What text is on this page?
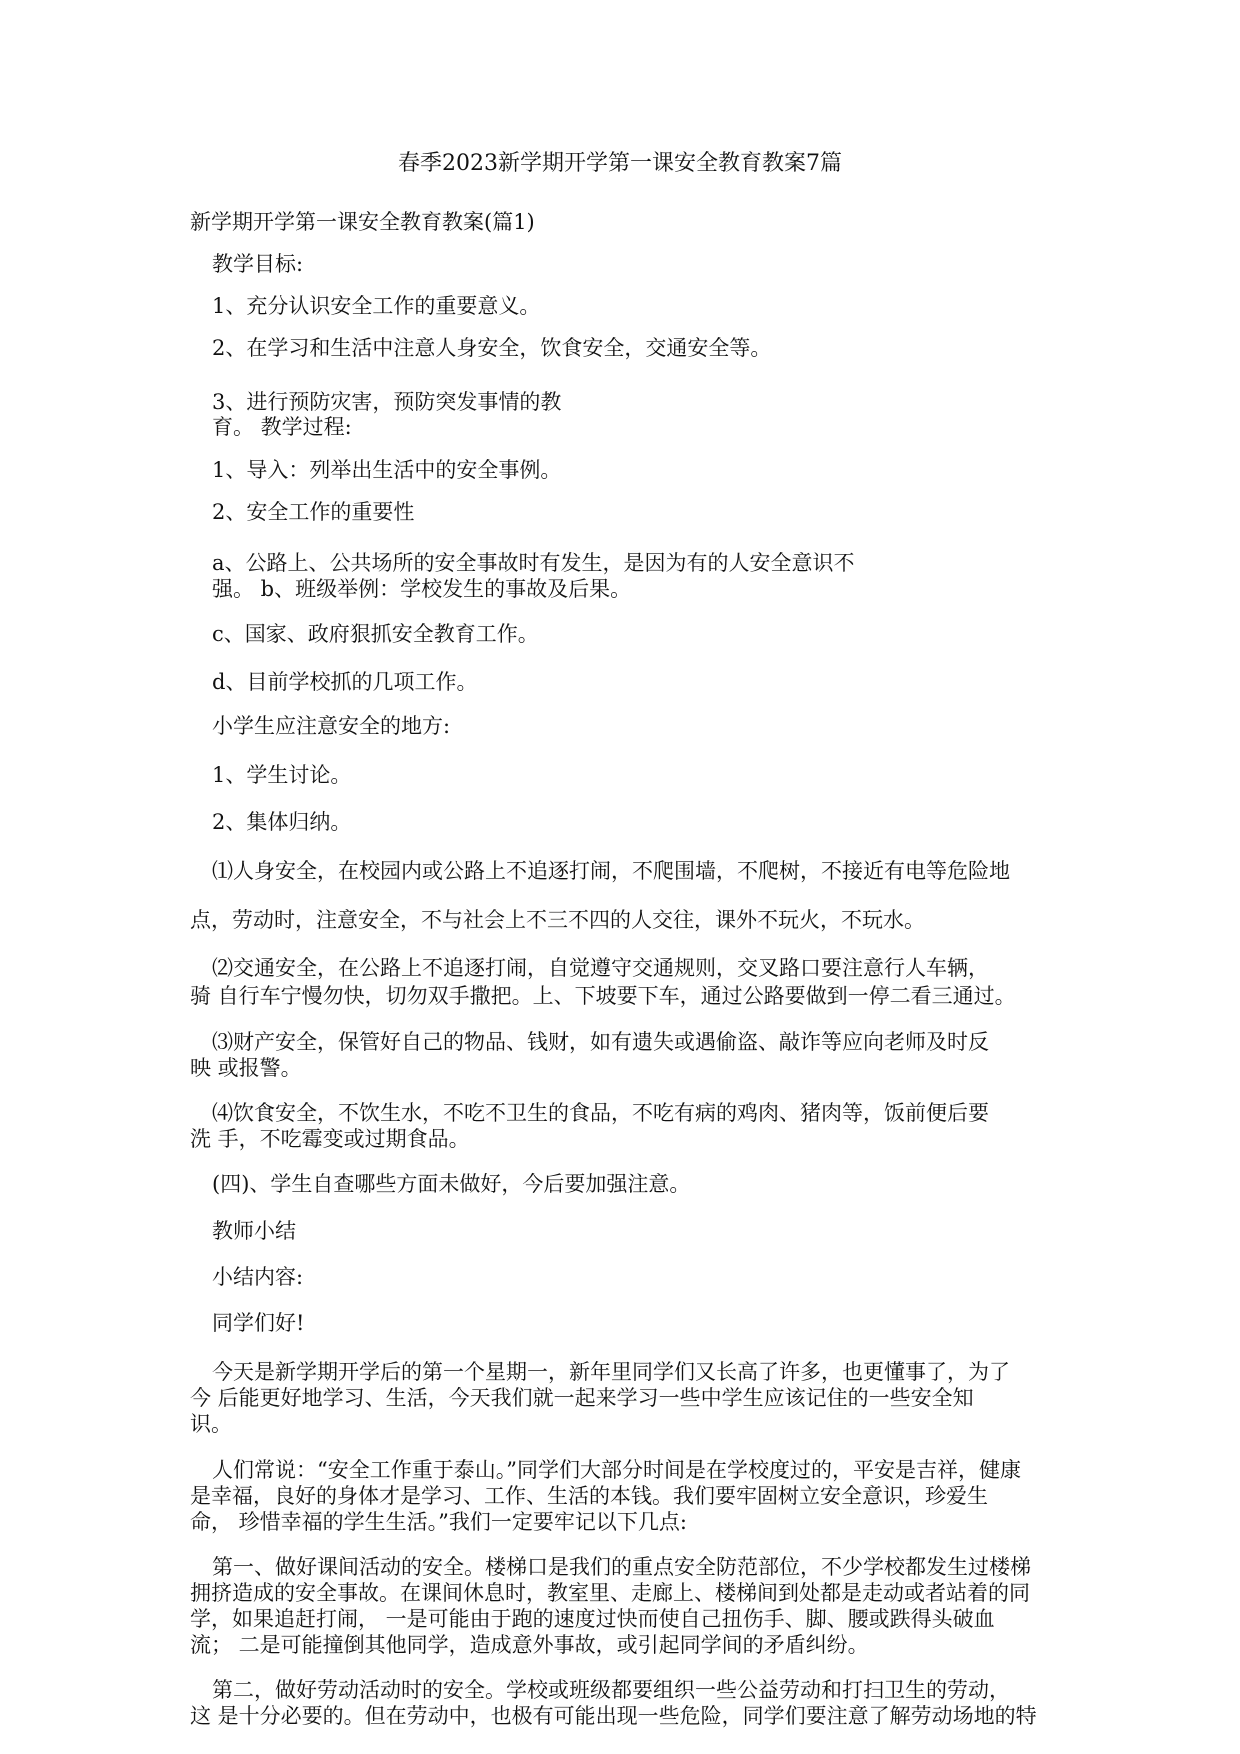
春季2023新学期开学第一课安全教育教案7篇
新学期开学第一课安全教育教案(篇1)
教学目标:
1、充分认识安全工作的重要意义。
2、在学习和生活中注意人身安全，饮食安全，交通安全等。
3、进行预防灾害，预防突发事情的教
育。 教学过程:
1、导入：列举出生活中的安全事例。
2、安全工作的重要性
a、公路上、公共场所的安全事故时有发生，是因为有的人安全意识不
强。 b、班级举例：学校发生的事故及后果。
c、国家、政府狠抓安全教育工作。
d、目前学校抓的几项工作。
小学生应注意安全的地方:
1、学生讨论。
2、集体归纳。
⑴人身安全，在校园内或公路上不追逐打闹，不爬围墙，不爬树，不接近有电等危险地
点，劳动时，注意安全，不与社会上不三不四的人交往，课外不玩火，不玩水。
⑵交通安全，在公路上不追逐打闹，自觉遵守交通规则，交叉路口要注意行人车辆，
骑 自行车宁慢勿快，切勿双手撒把。上、下坡要下车，通过公路要做到一停二看三通过。
⑶财产安全，保管好自己的物品、钱财，如有遗失或遇偷盗、敲诈等应向老师及时反
映 或报警。
⑷饮食安全，不饮生水，不吃不卫生的食品，不吃有病的鸡肉、猪肉等，饭前便后要
洗 手，不吃霉变或过期食品。
(四)、学生自查哪些方面未做好，今后要加强注意。
教师小结
小结内容:
同学们好!
今天是新学期开学后的第一个星期一，新年里同学们又长高了许多，也更懂事了，为了
今 后能更好地学习、生活，今天我们就一起来学习一些中学生应该记住的一些安全知
识。
人们常说：“安全工作重于泰山。”同学们大部分时间是在学校度过的，平安是吉祥，健康
是幸福，良好的身体才是学习、工作、生活的本钱。我们要牢固树立安全意识，珍爱生
命， 珍惜幸福的学生生活。”我们一定要牢记以下几点:
第一、做好课间活动的安全。楼梯口是我们的重点安全防范部位，不少学校都发生过楼梯
拥挤造成的安全事故。在课间休息时，教室里、走廊上、楼梯间到处都是走动或者站着的同
学，如果追赶打闹， 一是可能由于跑的速度过快而使自己扭伤手、脚、腰或跌得头破血
流； 二是可能撞倒其他同学，造成意外事故，或引起同学间的矛盾纠纷。
第二，做好劳动活动时的安全。学校或班级都要组织一些公益劳动和打扫卫生的劳动，
这 是十分必要的。但在劳动中，也极有可能出现一些危险，同学们要注意了解劳动场地的特
